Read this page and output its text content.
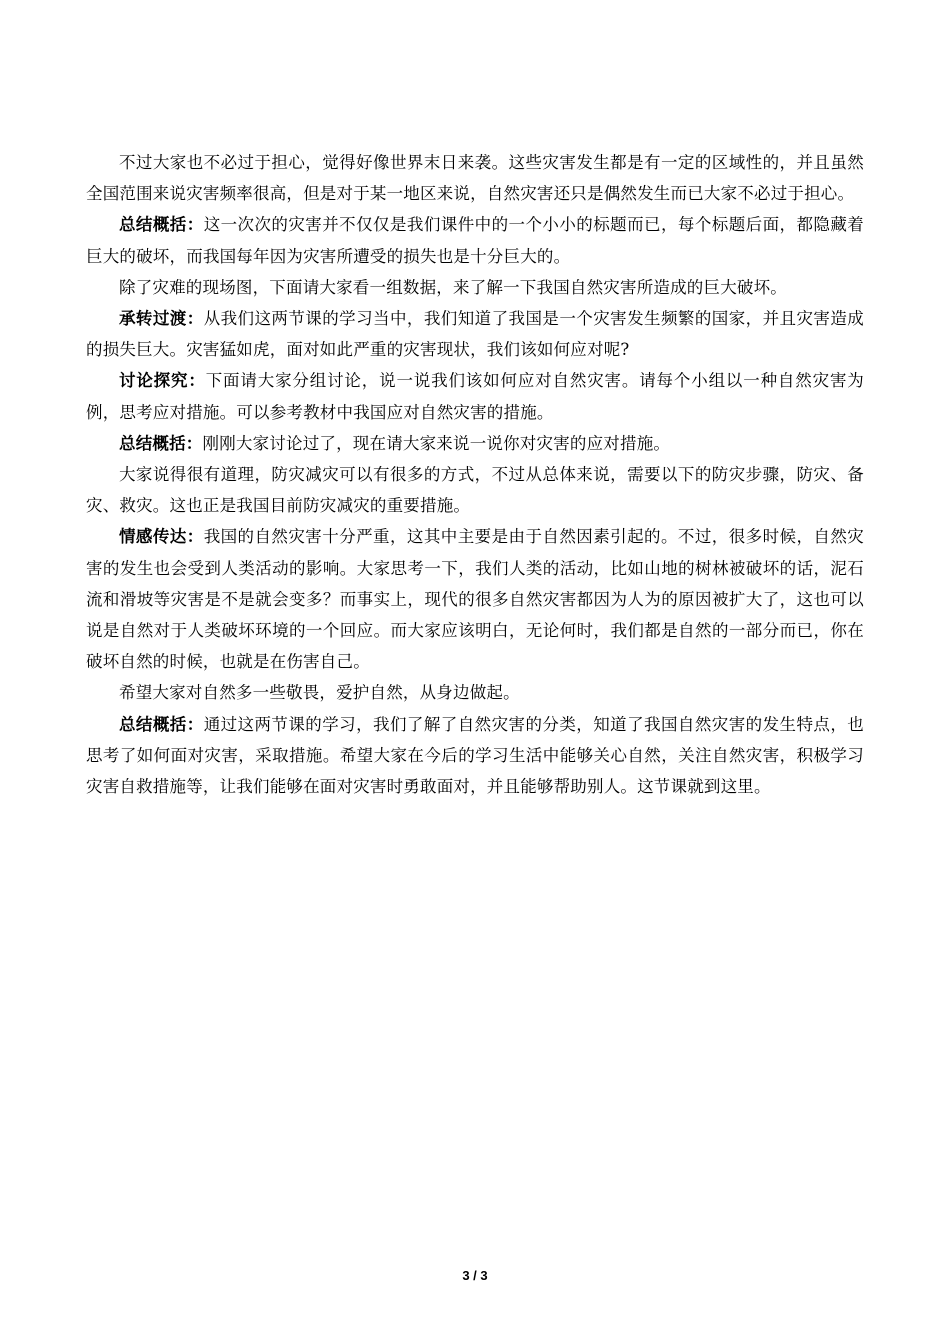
不过大家也不必过于担心，觉得好像世界末日来袭。这些灾害发生都是有一定的区域性的，并且虽然全国范围来说灾害频率很高，但是对于某一地区来说，自然灾害还只是偶然发生而已大家不必过于担心。

总结概括：这一次次的灾害并不仅仅是我们课件中的一个小小的标题而已，每个标题后面，都隐藏着巨大的破坏，而我国每年因为灾害所遭受的损失也是十分巨大的。

除了灾难的现场图，下面请大家看一组数据，来了解一下我国自然灾害所造成的巨大破坏。

承转过渡：从我们这两节课的学习当中，我们知道了我国是一个灾害发生频繁的国家，并且灾害造成的损失巨大。灾害猛如虎，面对如此严重的灾害现状，我们该如何应对呢?

讨论探究：下面请大家分组讨论，说一说我们该如何应对自然灾害。请每个小组以一种自然灾害为例，思考应对措施。可以参考教材中我国应对自然灾害的措施。

总结概括：刚刚大家讨论过了，现在请大家来说一说你对灾害的应对措施。

大家说得很有道理，防灾减灾可以有很多的方式，不过从总体来说，需要以下的防灾步骤，防灾、备灾、救灾。这也正是我国目前防灾减灾的重要措施。

情感传达：我国的自然灾害十分严重，这其中主要是由于自然因素引起的。不过，很多时候，自然灾害的发生也会受到人类活动的影响。大家思考一下，我们人类的活动，比如山地的树林被破坏的话，泥石流和滑坡等灾害是不是就会变多？而事实上，现代的很多自然灾害都因为人为的原因被扩大了，这也可以说是自然对于人类破坏环境的一个回应。而大家应该明白，无论何时，我们都是自然的一部分而已，你在破坏自然的时候，也就是在伤害自己。

希望大家对自然多一些敬畏，爱护自然，从身边做起。

总结概括：通过这两节课的学习，我们了解了自然灾害的分类，知道了我国自然灾害的发生特点，也思考了如何面对灾害，采取措施。希望大家在今后的学习生活中能够关心自然，关注自然灾害，积极学习灾害自救措施等，让我们能够在面对灾害时勇敢面对，并且能够帮助别人。这节课就到这里。

3 / 3
